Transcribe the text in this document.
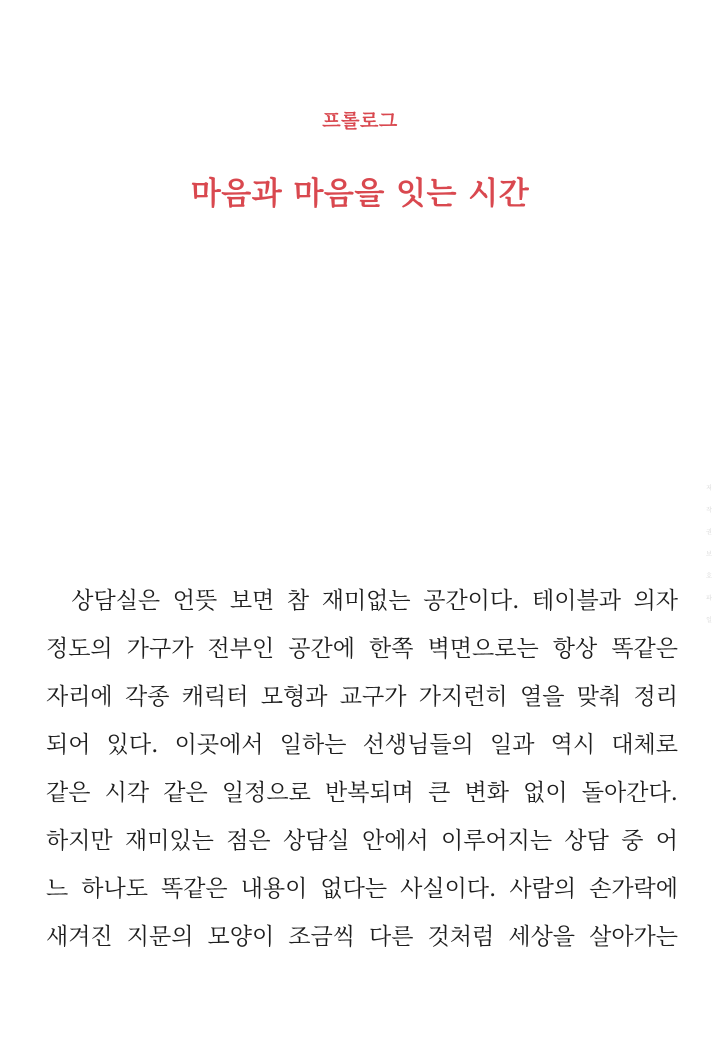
프롤로그
마음과 마음을 잇는 시간
저
작
권
보
호
파
일
상담실은 언뜻 보면 참 재미없는 공간이다. 테이블과 의자
정도의 가구가 전부인 공간에 한쪽 벽면으로는 항상 똑같은
자리에 각종 캐릭터 모형과 교구가 가지런히 열을 맞춰 정리
되어 있다. 이곳에서 일하는 선생님들의 일과 역시 대체로
같은 시각 같은 일정으로 반복되며 큰 변화 없이 돌아간다.
하지만 재미있는 점은 상담실 안에서 이루어지는 상담 중 어
느 하나도 똑같은 내용이 없다는 사실이다. 사람의 손가락에
새겨진 지문의 모양이 조금씩 다른 것처럼 세상을 살아가는
